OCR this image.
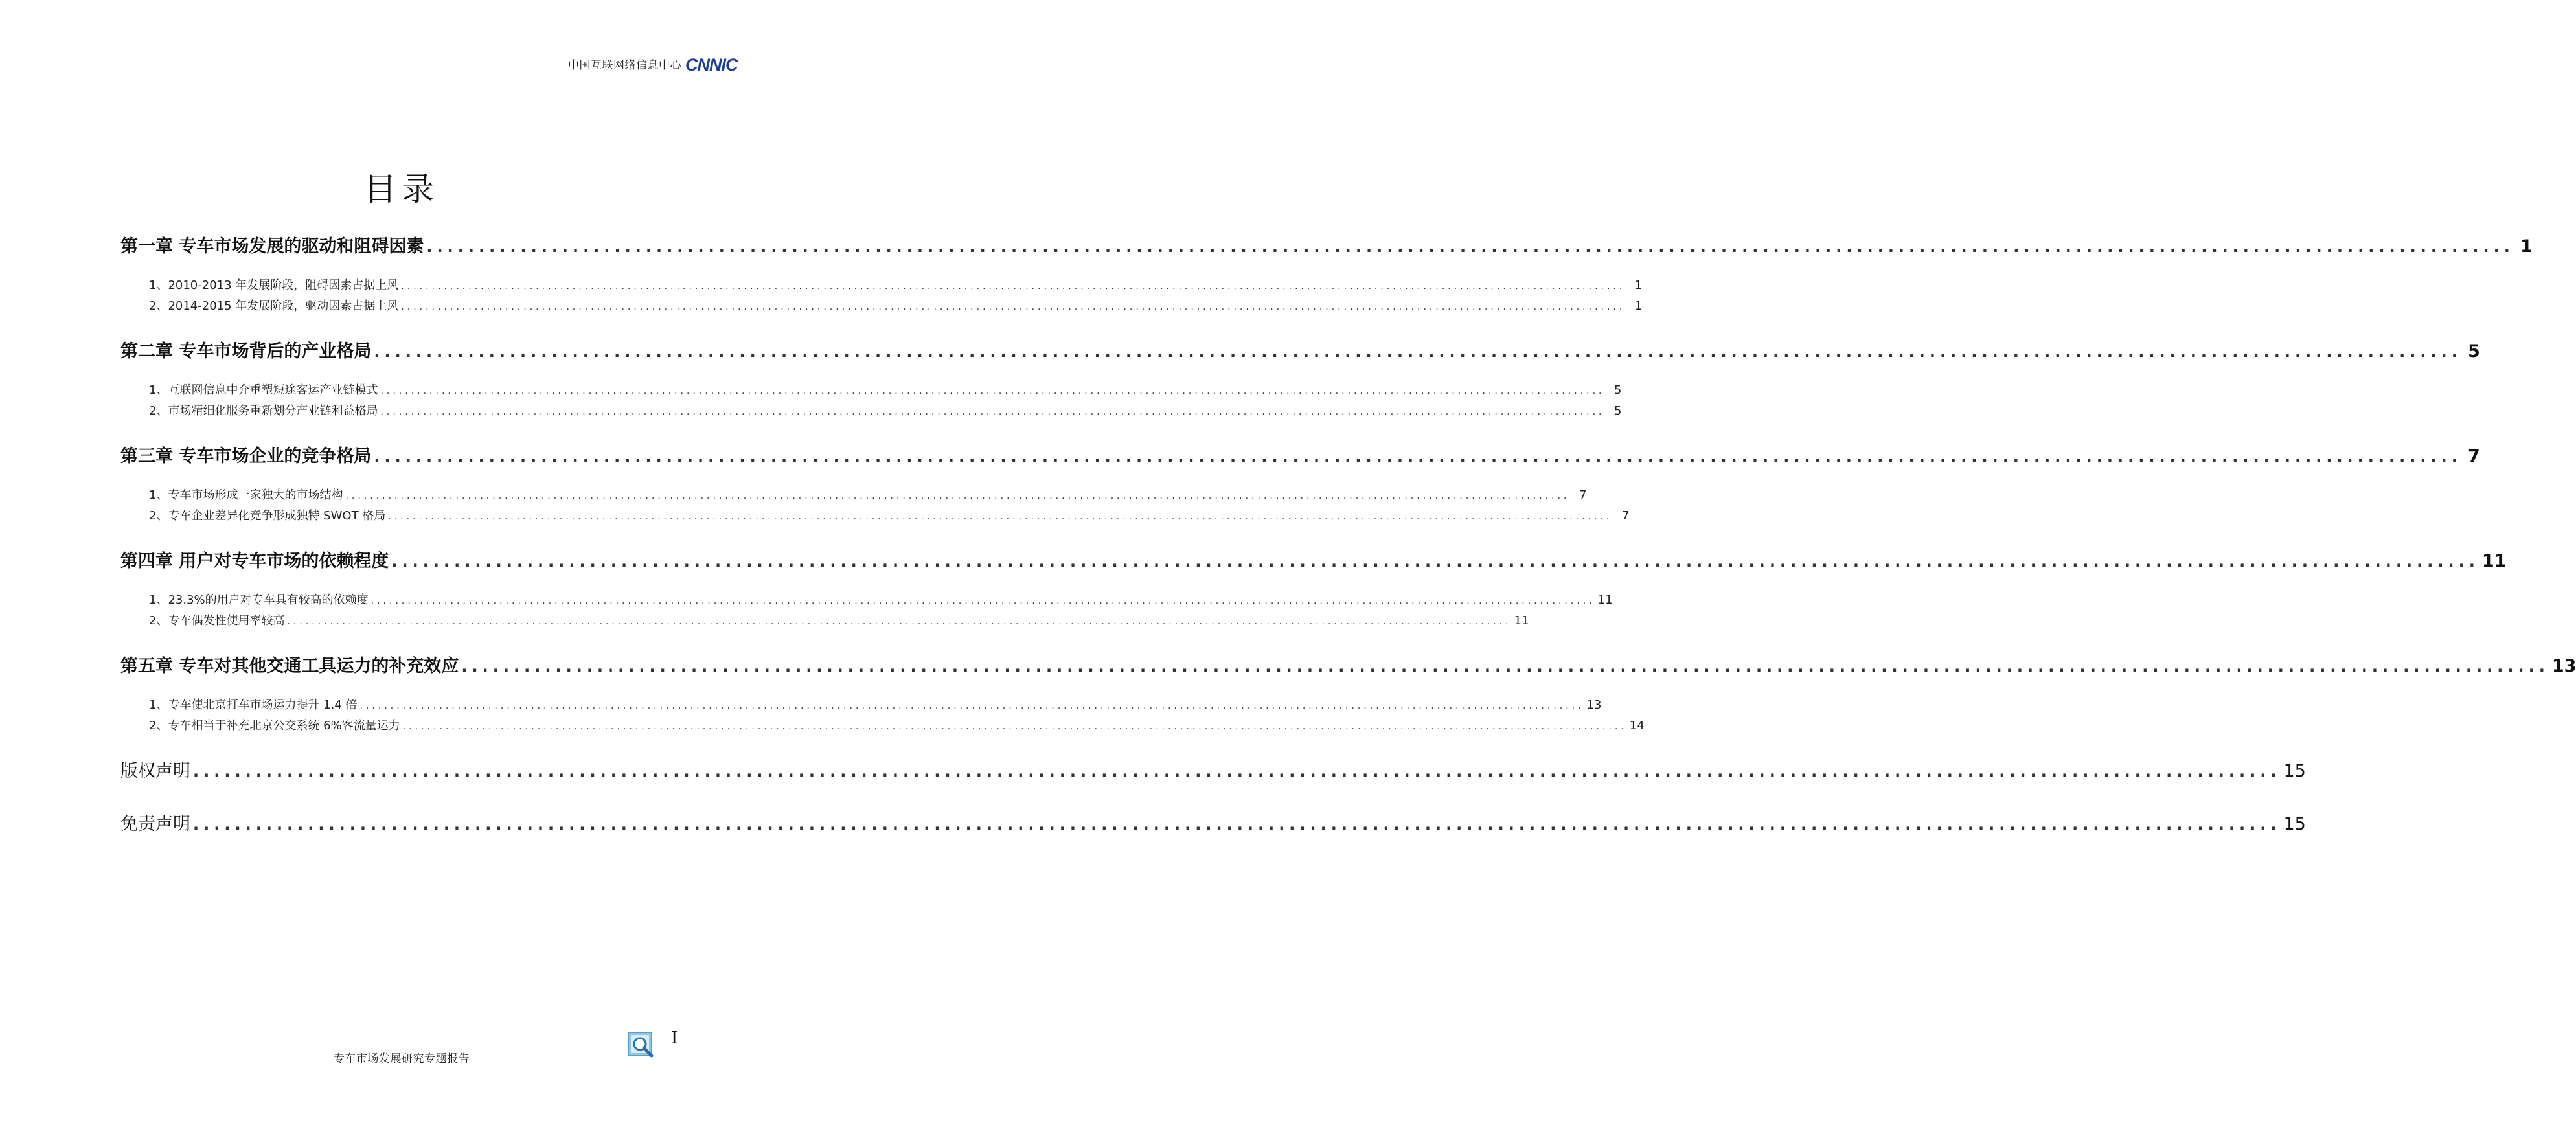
中国互联网络信息中心 CNNIC
目录
第一章 专车市场发展的驱动和阻碍因素 ........................................................................................................................................................................................................ 1
1、2010-2013 年发展阶段，阻碍因素占据上风 ........................................................................................................................................................................................................ 1
2、2014-2015 年发展阶段，驱动因素占据上风 ........................................................................................................................................................................................................ 1
第二章 专车市场背后的产业格局 ........................................................................................................................................................................................................ 5
1、互联网信息中介重塑短途客运产业链模式 ........................................................................................................................................................................................................ 5
2、市场精细化服务重新划分产业链利益格局 ........................................................................................................................................................................................................ 5
第三章 专车市场企业的竞争格局 ........................................................................................................................................................................................................ 7
1、专车市场形成一家独大的市场结构 ........................................................................................................................................................................................................ 7
2、专车企业差异化竞争形成独特 SWOT 格局 ........................................................................................................................................................................................................ 7
第四章 用户对专车市场的依赖程度 ........................................................................................................................................................................................................ 11
1、23.3%的用户对专车具有较高的依赖度 ........................................................................................................................................................................................................ 11
2、专车偶发性使用率较高 ........................................................................................................................................................................................................ 11
第五章 专车对其他交通工具运力的补充效应 ........................................................................................................................................................................................................ 13
1、专车使北京打车市场运力提升 1.4 倍 ........................................................................................................................................................................................................ 13
2、专车相当于补充北京公交系统 6%客流量运力 ........................................................................................................................................................................................................ 14
版权声明 ........................................................................................................................................................................................................ 15
免责声明 ........................................................................................................................................................................................................ 15
I
专车市场发展研究专题报告
